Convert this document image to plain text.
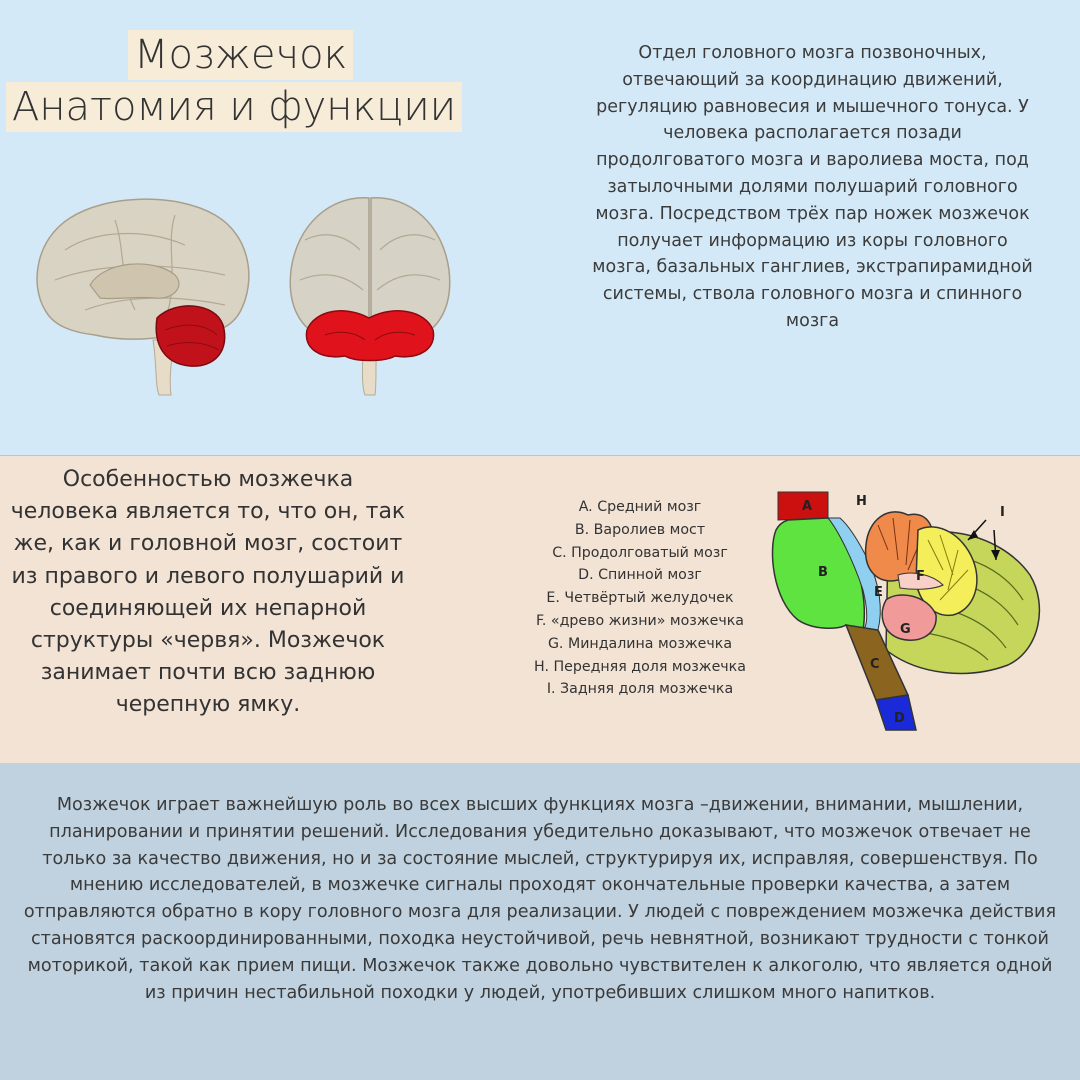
Мозжечок
Анатомия и функции

Отдел головного мозга позвоночных, отвечающий за координацию движений, регуляцию равновесия и мышечного тонуса. У человека располагается позади продолговатого мозга и варолиева моста, под затылочными долями полушарий головного мозга. Посредством трёх пар ножек мозжечок получает информацию из коры головного мозга, базальных ганглиев, экстрапирамидной системы, ствола головного мозга и спинного мозга

Особенностью мозжечка человека является то, что он, так же, как и головной мозг, состоит из правого и левого полушарий и соединяющей их непарной структуры «червя». Мозжечок занимает почти всю заднюю черепную ямку.

A. Средний мозг
B. Варолиев мост
C. Продолговатый мозг
D. Спинной мозг
E. Четвёртый желудочек
F. «древо жизни» мозжечка
G. Миндалина мозжечка
H. Передняя доля мозжечка
I. Задняя доля мозжечка
A
B
C
D
E
F
G
H
I

Мозжечок играет важнейшую роль во всех высших функциях мозга –движении, внимании, мышлении, планировании и принятии решений. Исследования убедительно доказывают, что мозжечок отвечает не только за качество движения, но и за состояние мыслей, структурируя их, исправляя, совершенствуя. По мнению исследователей, в мозжечке сигналы проходят окончательные проверки качества, а затем отправляются обратно в кору головного мозга для реализации. У людей с повреждением мозжечка действия становятся раскоординированными, походка неустойчивой, речь невнятной, возникают трудности с тонкой моторикой, такой как прием пищи. Мозжечок также довольно чувствителен к алкоголю, что является одной из причин нестабильной походки у людей, употребивших слишком много напитков.
